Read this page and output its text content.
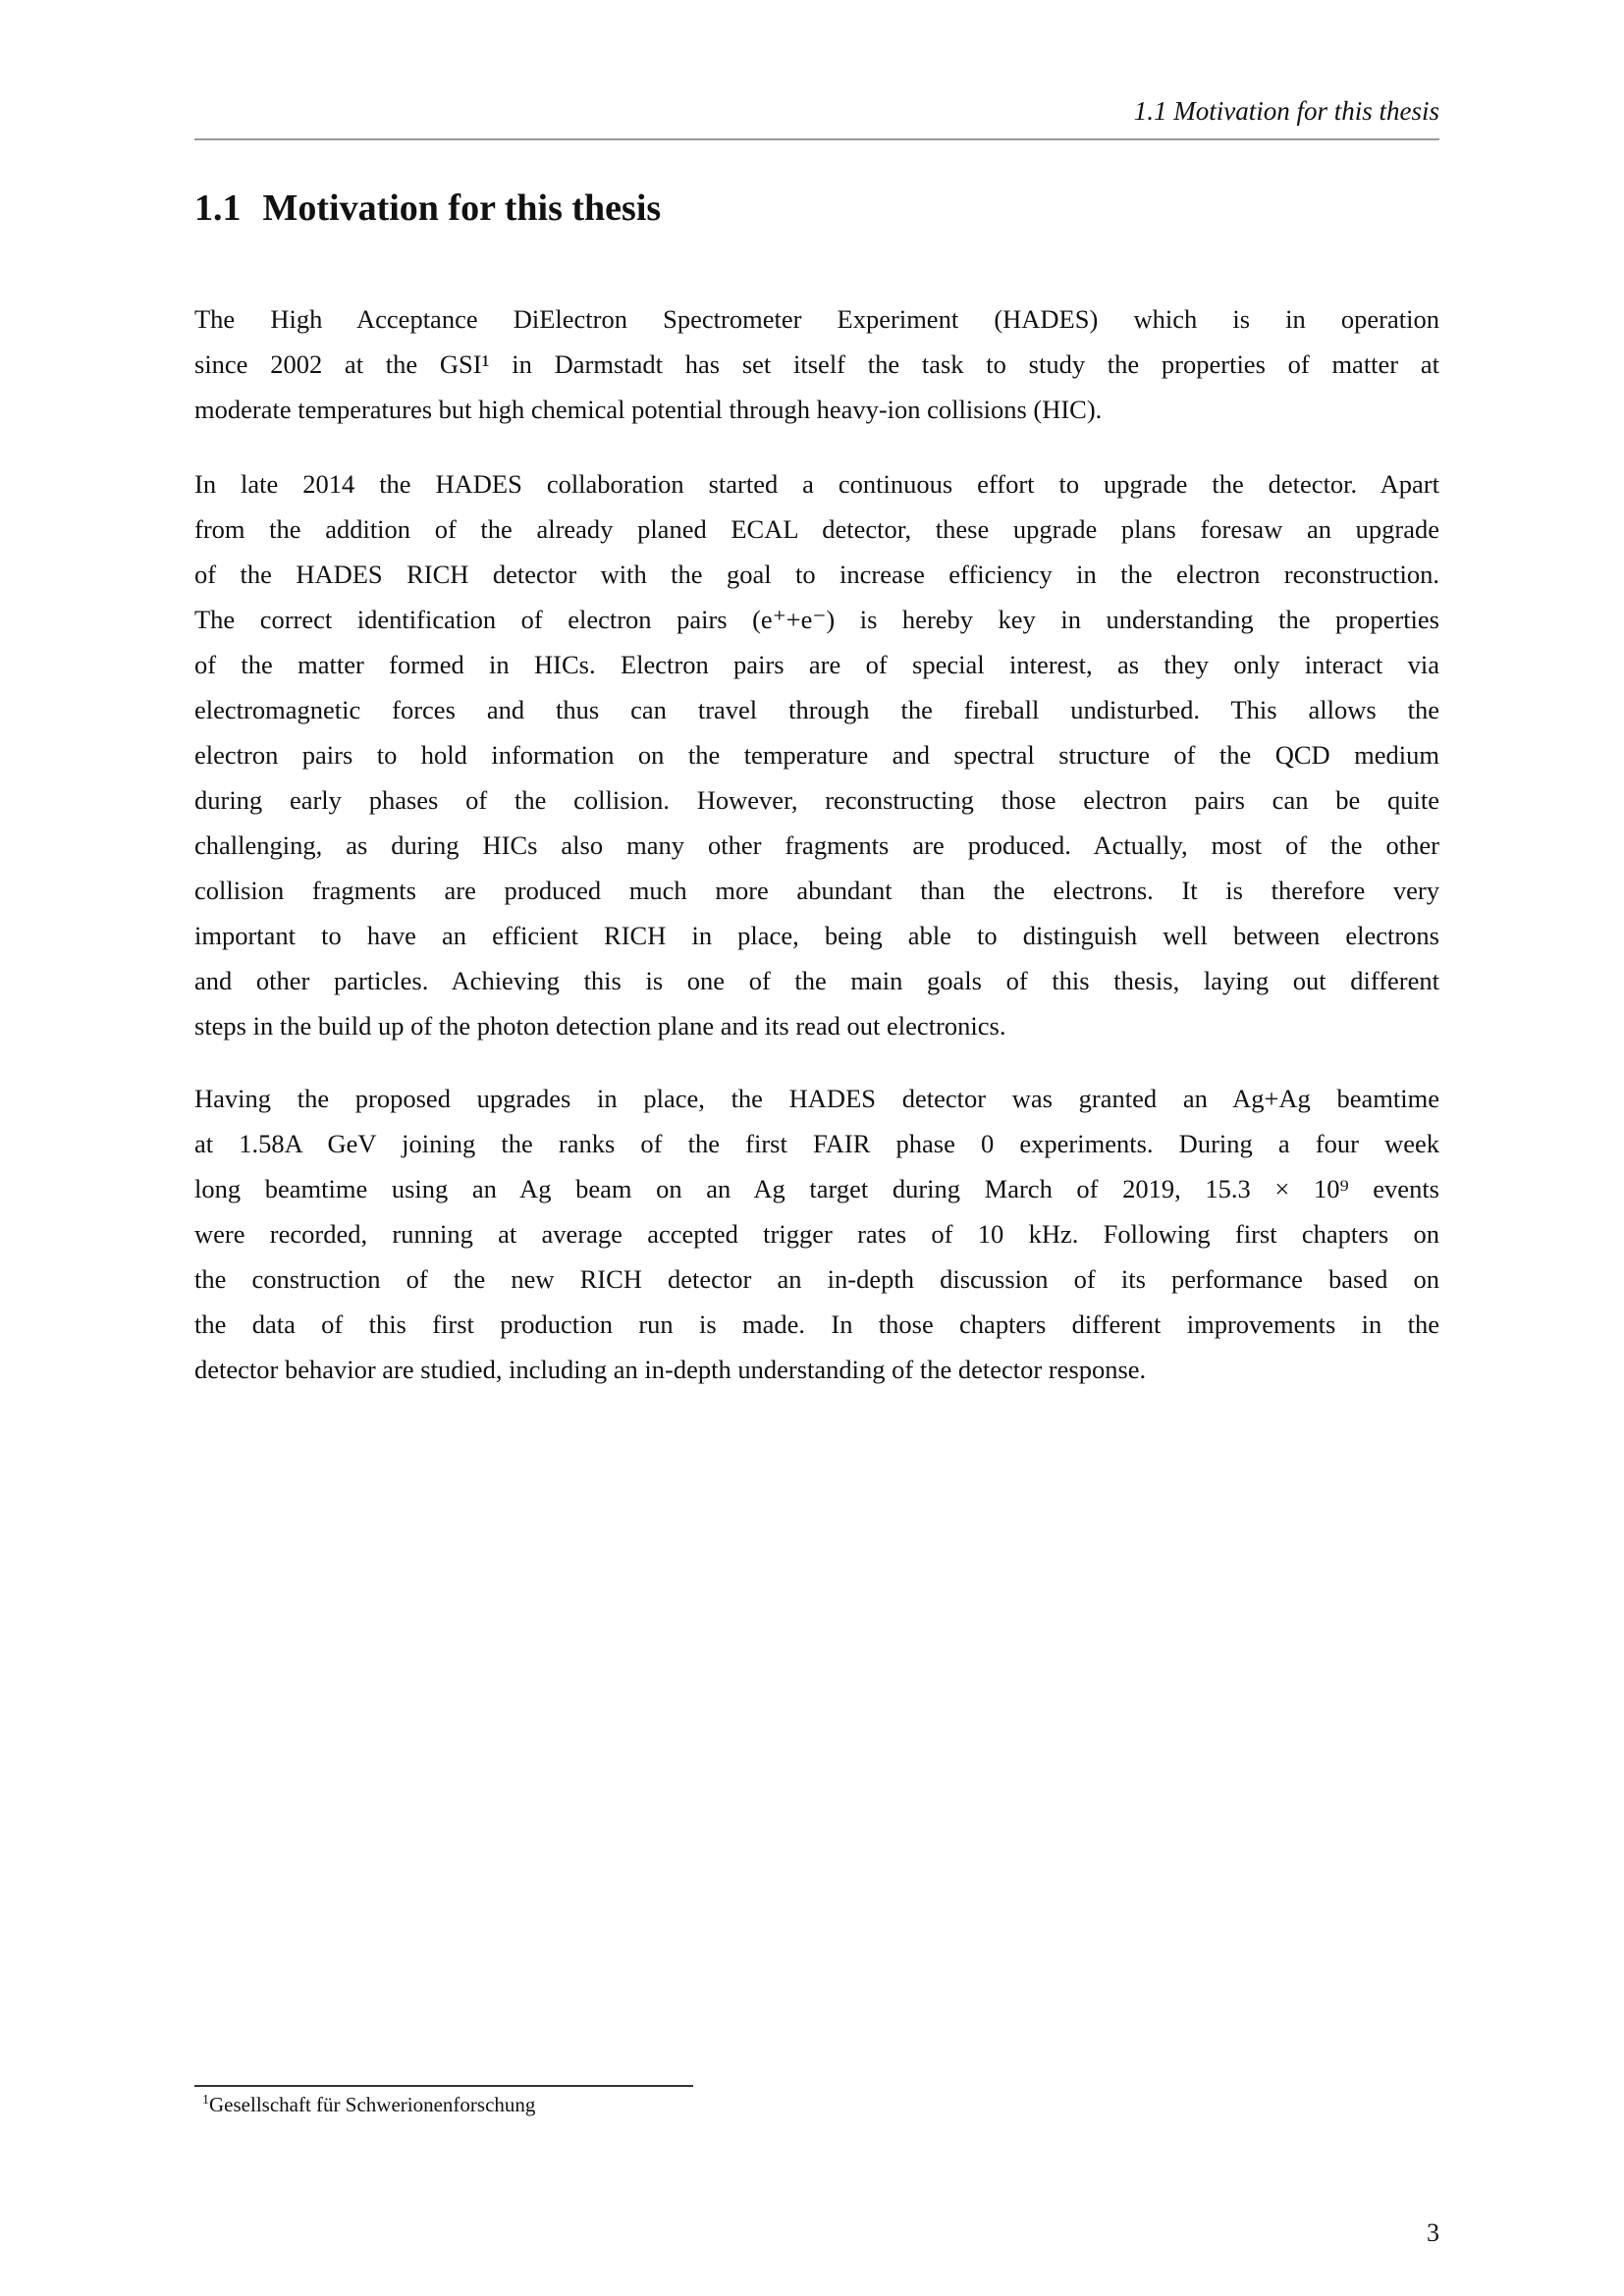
1.1 Motivation for this thesis
1.1 Motivation for this thesis
The High Acceptance DiElectron Spectrometer Experiment (HADES) which is in operation
since 2002 at the GSI¹ in Darmstadt has set itself the task to study the properties of matter at
moderate temperatures but high chemical potential through heavy-ion collisions (HIC).
In late 2014 the HADES collaboration started a continuous effort to upgrade the detector. Apart
from the addition of the already planed ECAL detector, these upgrade plans foresaw an upgrade
of the HADES RICH detector with the goal to increase efficiency in the electron reconstruction.
The correct identification of electron pairs (e⁺+e⁻) is hereby key in understanding the properties
of the matter formed in HICs. Electron pairs are of special interest, as they only interact via
electromagnetic forces and thus can travel through the fireball undisturbed. This allows the
electron pairs to hold information on the temperature and spectral structure of the QCD medium
during early phases of the collision. However, reconstructing those electron pairs can be quite
challenging, as during HICs also many other fragments are produced. Actually, most of the other
collision fragments are produced much more abundant than the electrons. It is therefore very
important to have an efficient RICH in place, being able to distinguish well between electrons
and other particles. Achieving this is one of the main goals of this thesis, laying out different
steps in the build up of the photon detection plane and its read out electronics.
Having the proposed upgrades in place, the HADES detector was granted an Ag+Ag beamtime
at 1.58A GeV joining the ranks of the first FAIR phase 0 experiments. During a four week
long beamtime using an Ag beam on an Ag target during March of 2019, 15.3 × 10⁹ events
were recorded, running at average accepted trigger rates of 10 kHz. Following first chapters on
the construction of the new RICH detector an in-depth discussion of its performance based on
the data of this first production run is made. In those chapters different improvements in the
detector behavior are studied, including an in-depth understanding of the detector response.
$^1$Gesellschaft für Schwerionenforschung
3
